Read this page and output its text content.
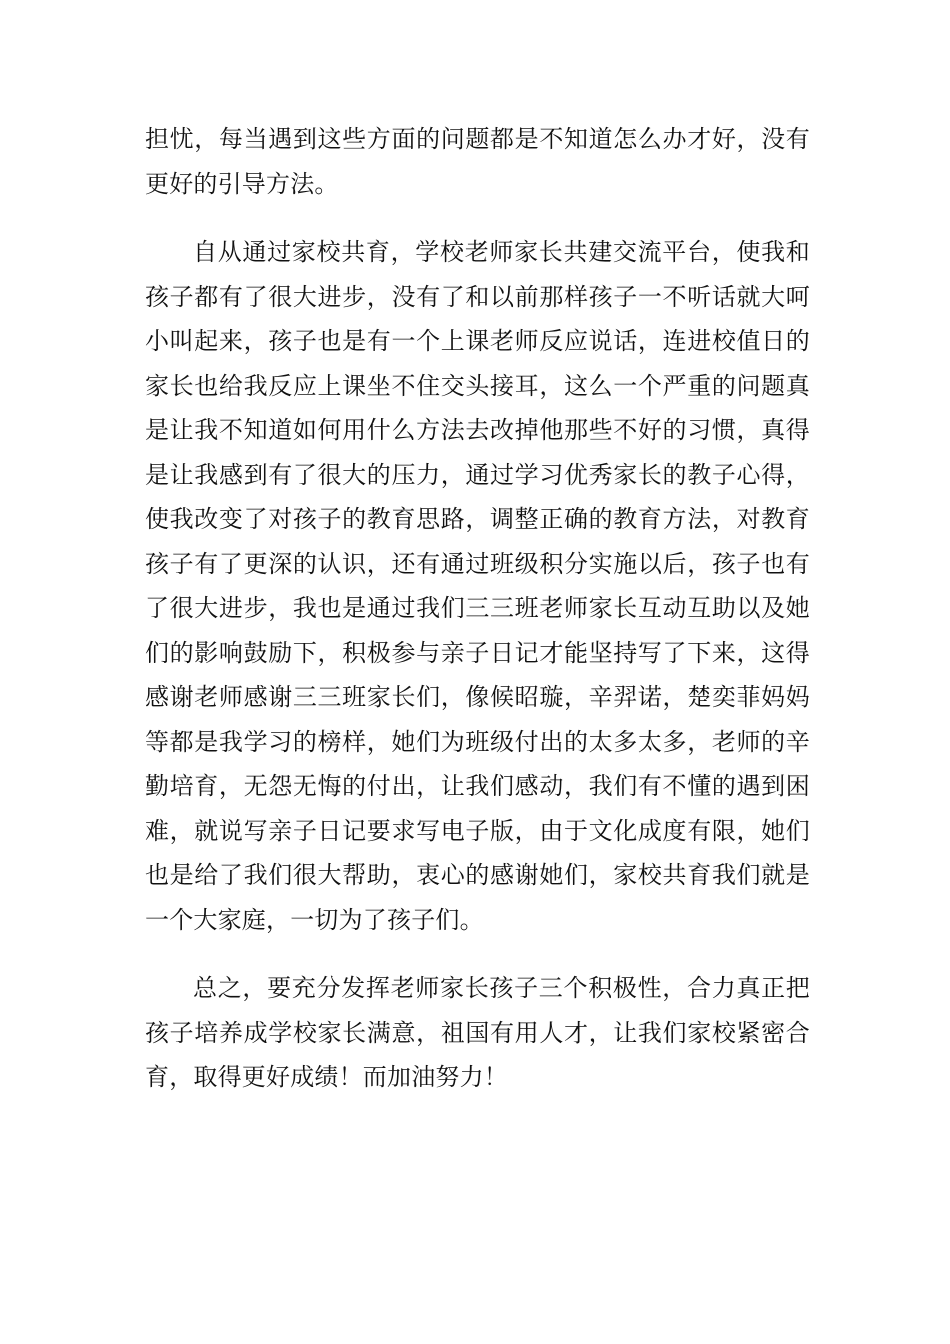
担忧，每当遇到这些方面的问题都是不知道怎么办才好，没有更好的引导方法。

自从通过家校共育，学校老师家长共建交流平台，使我和孩子都有了很大进步，没有了和以前那样孩子一不听话就大呵小叫起来，孩子也是有一个上课老师反应说话，连进校值日的家长也给我反应上课坐不住交头接耳，这么一个严重的问题真是让我不知道如何用什么方法去改掉他那些不好的习惯，真得是让我感到有了很大的压力，通过学习优秀家长的教子心得，使我改变了对孩子的教育思路，调整正确的教育方法，对教育孩子有了更深的认识，还有通过班级积分实施以后，孩子也有了很大进步，我也是通过我们三三班老师家长互动互助以及她们的影响鼓励下，积极参与亲子日记才能坚持写了下来，这得感谢老师感谢三三班家长们，像候昭璇，辛羿诺，楚奕菲妈妈等都是我学习的榜样，她们为班级付出的太多太多，老师的辛勤培育，无怨无悔的付出，让我们感动，我们有不懂的遇到困难，就说写亲子日记要求写电子版，由于文化成度有限，她们也是给了我们很大帮助，衷心的感谢她们，家校共育我们就是一个大家庭，一切为了孩子们。

总之，要充分发挥老师家长孩子三个积极性，合力真正把孩子培养成学校家长满意，祖国有用人才，让我们家校紧密合育，取得更好成绩！而加油努力！
